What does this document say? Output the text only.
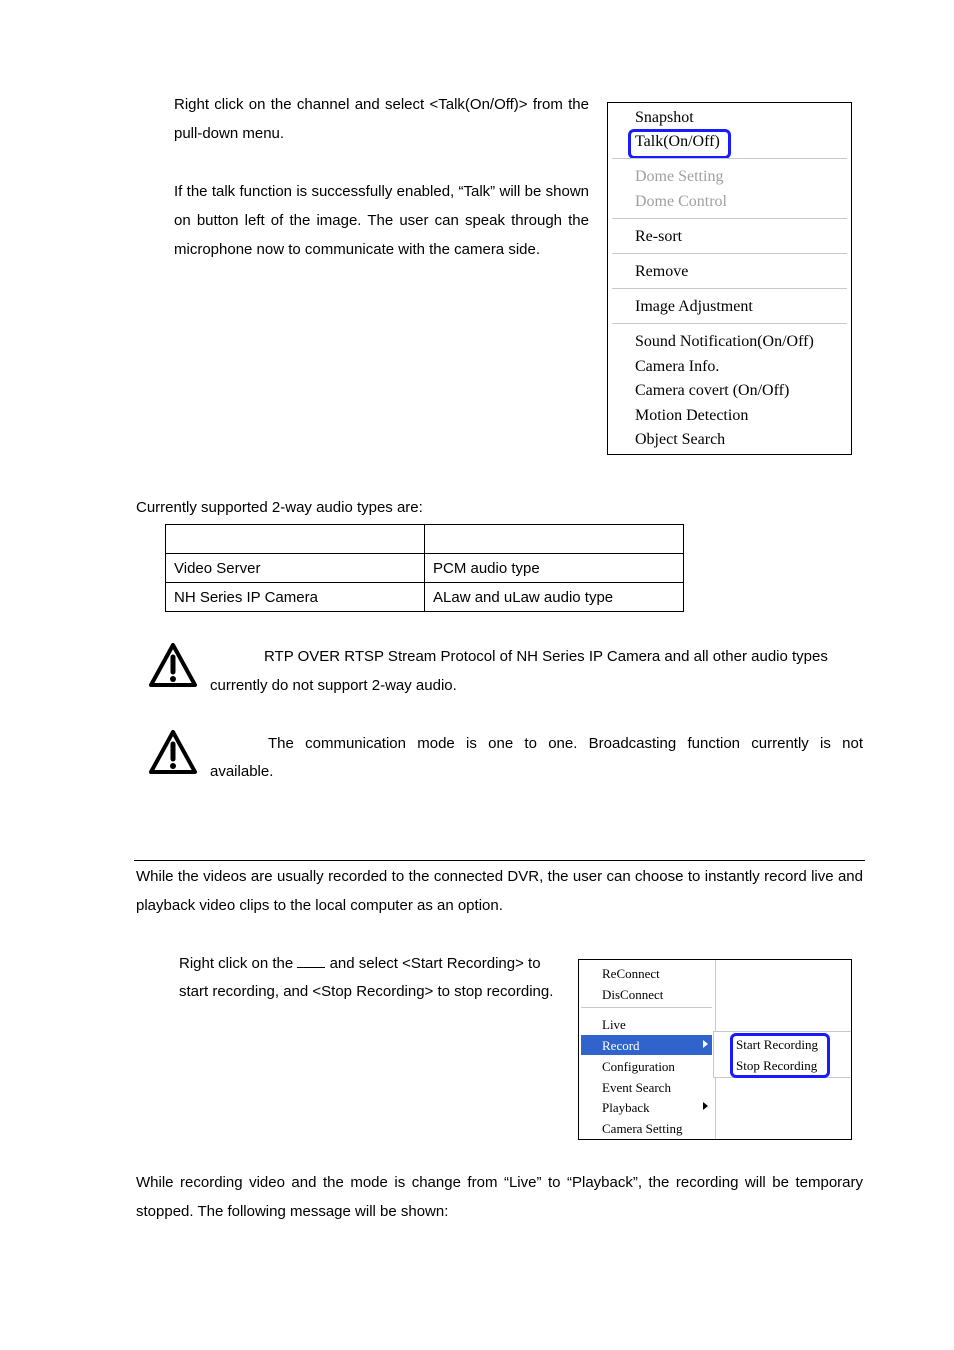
Right click on the channel and select <Talk(On/Off)> from the pull-down menu.
If the talk function is successfully enabled, “Talk” will be shown on button left of the image. The user can speak through the microphone now to communicate with the camera side.
Snapshot
Talk(On/Off)
Dome Setting
Dome Control
Re-sort
Remove
Image Adjustment
Sound Notification(On/Off)
Camera Info.
Camera covert (On/Off)
Motion Detection
Object Search
Currently supported 2-way audio types are:

Video Server	PCM audio type
NH Series IP Camera	ALaw and uLaw audio type
RTP OVER RTSP Stream Protocol of NH Series IP Camera and all other audio types
currently do not support 2-way audio.
The communication mode is one to one. Broadcasting function currently is not
available.
While the videos are usually recorded to the connected DVR, the user can choose to instantly record live and playback video clips to the local computer as an option.
Right click on the and select <Start Recording> to
start recording, and <Stop Recording> to stop recording.
ReConnect
DisConnect
Live
Record
Configuration
Event Search
Playback
Camera Setting
Start Recording
Stop Recording
While recording video and the mode is change from “Live” to “Playback”, the recording will be temporary stopped. The following message will be shown:
